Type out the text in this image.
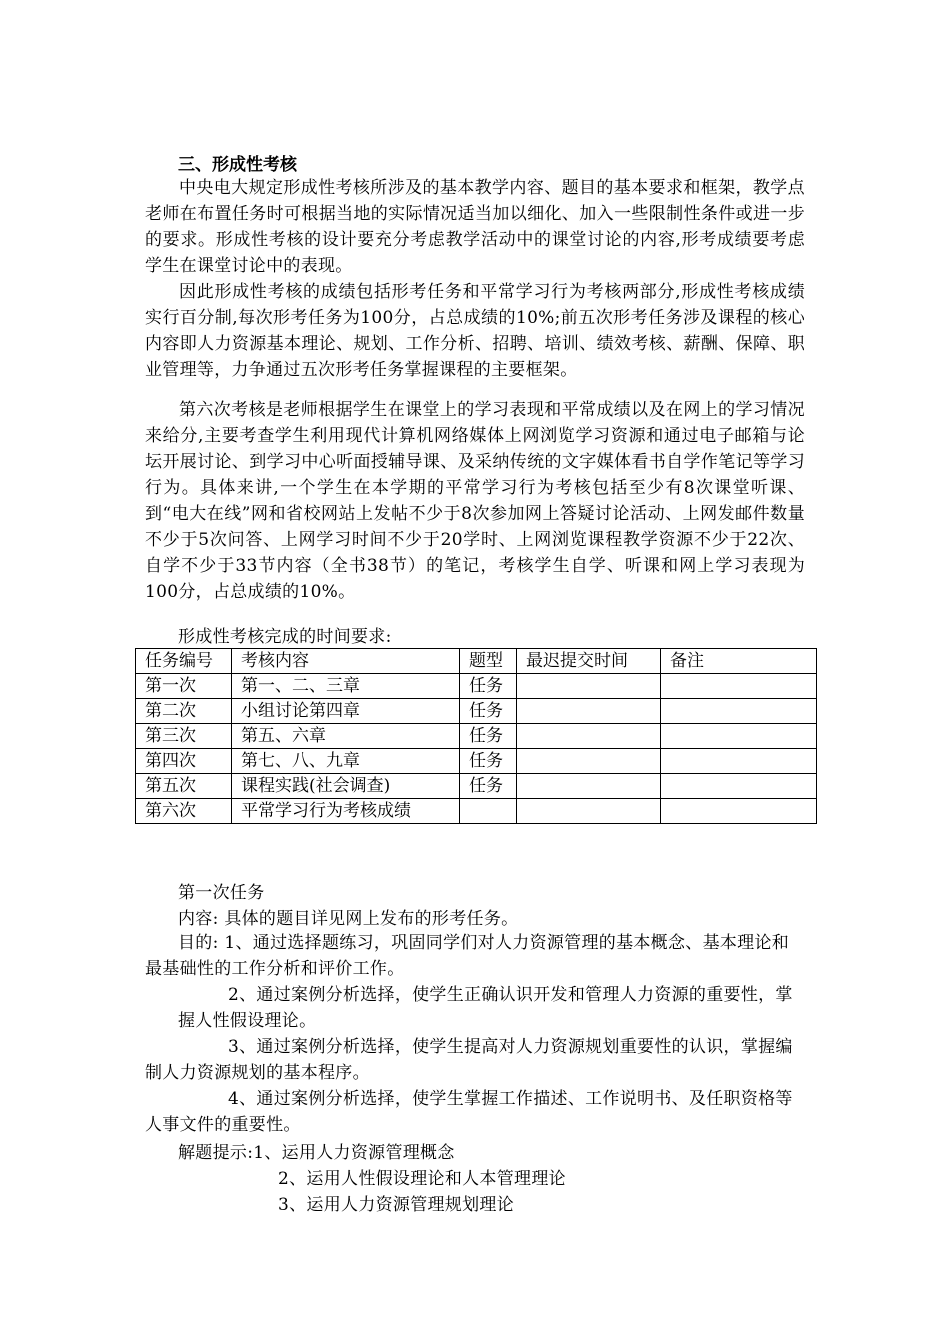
三、形成性考核
中央电大规定形成性考核所涉及的基本教学内容、题目的基本要求和框架，教学点老师在布置任务时可根据当地的实际情况适当加以细化、加入一些限制性条件或进一步的要求。形成性考核的设计要充分考虑教学活动中的课堂讨论的内容,形考成绩要考虑学生在课堂讨论中的表现。
因此形成性考核的成绩包括形考任务和平常学习行为考核两部分,形成性考核成绩实行百分制,每次形考任务为100分，占总成绩的10%;前五次形考任务涉及课程的核心内容即人力资源基本理论、规划、工作分析、招聘、培训、绩效考核、薪酬、保障、职业管理等，力争通过五次形考任务掌握课程的主要框架。
第六次考核是老师根据学生在课堂上的学习表现和平常成绩以及在网上的学习情况来给分,主要考查学生利用现代计算机网络媒体上网浏览学习资源和通过电子邮箱与论坛开展讨论、到学习中心听面授辅导课、及采纳传统的文字媒体看书自学作笔记等学习行为。具体来讲,一个学生在本学期的平常学习行为考核包括至少有8次课堂听课、到“电大在线”网和省校网站上发帖不少于8次参加网上答疑讨论活动、上网发邮件数量不少于5次问答、上网学习时间不少于20学时、上网浏览课程教学资源不少于22次、自学不少于33节内容（全书38节）的笔记，考核学生自学、听课和网上学习表现为100分，占总成绩的10%。
形成性考核完成的时间要求:
任务编号	考核内容	题型	最迟提交时间	备注
第一次	第一、二、三章	任务		
第二次	小组讨论第四章	任务		
第三次	第五、六章	任务		
第四次	第七、八、九章	任务		
第五次	课程实践(社会调查)	任务		
第六次	平常学习行为考核成绩			
第一次任务
内容: 具体的题目详见网上发布的形考任务。
目的: 1、通过选择题练习，巩固同学们对人力资源管理的基本概念、基本理论和最基础性的工作分析和评价工作。
2、通过案例分析选择，使学生正确认识开发和管理人力资源的重要性，掌握人性假设理论。
3、通过案例分析选择，使学生提高对人力资源规划重要性的认识，掌握编制人力资源规划的基本程序。
4、通过案例分析选择，使学生掌握工作描述、工作说明书、及任职资格等人事文件的重要性。
解题提示:1、运用人力资源管理概念
2、运用人性假设理论和人本管理理论
3、运用人力资源管理规划理论
